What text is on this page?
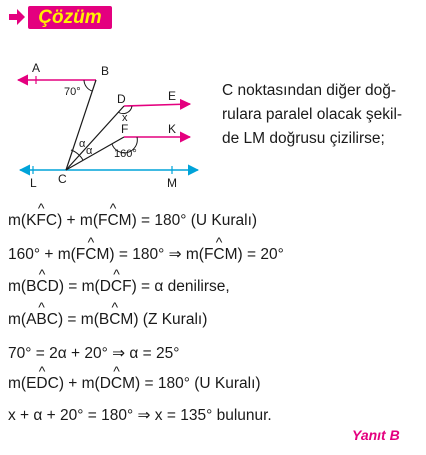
Çözüm
A	B
D	E
F	K
C
L	M
70°
x
α
α 160°
C noktasından diğer doğ-
rulara paralel olacak şekil-
de LM doğrusu çizilirse;
m(K^ FC) + m(F^ CM) = 180° (U Kuralı)
160° + m(F^ CM) = 180° ⇒ m(F^ CM) = 20°
m(B^ CD) = m(D^ CF) = α denilirse,
m(A^ BC) = m(B^ CM) (Z Kuralı)
70° = 2α + 20° ⇒ α = 25°
m(E^ DC) + m(D^ CM) = 180° (U Kuralı)
x + α + 20° = 180° ⇒ x = 135° bulunur.
Yanıt B
